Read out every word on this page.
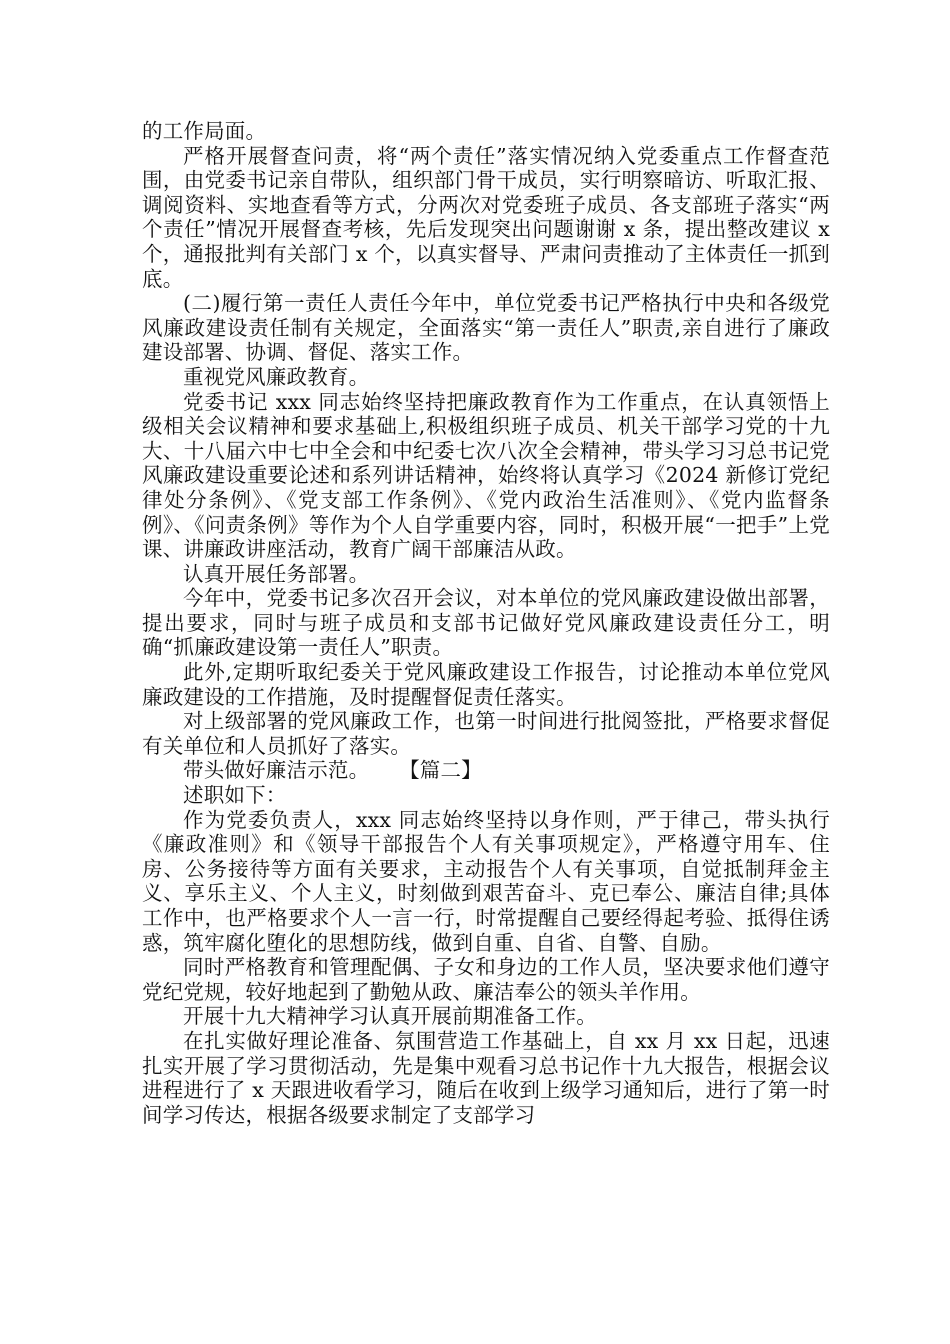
的工作局面。

严格开展督查问责，将“两个责任”落实情况纳入党委重点工作督查范围，由党委书记亲自带队，组织部门骨干成员，实行明察暗访、听取汇报、调阅资料、实地查看等方式，分两次对党委班子成员、各支部班子落实“两个责任”情况开展督查考核，先后发现突出问题谢谢 x 条，提出整改建议 x 个，通报批判有关部门 x 个，以真实督导、严肃问责推动了主体责任一抓到底。

(二)履行第一责任人责任今年中，单位党委书记严格执行中央和各级党风廉政建设责任制有关规定，全面落实“第一责任人”职责,亲自进行了廉政建设部署、协调、督促、落实工作。

重视党风廉政教育。

党委书记 xxx 同志始终坚持把廉政教育作为工作重点，在认真领悟上级相关会议精神和要求基础上,积极组织班子成员、机关干部学习党的十九大、十八届六中七中全会和中纪委七次八次全会精神，带头学习习总书记党风廉政建设重要论述和系列讲话精神，始终将认真学习《2024 新修订党纪律处分条例》、《党支部工作条例》、《党内政治生活准则》、《党内监督条例》、《问责条例》等作为个人自学重要内容，同时，积极开展“一把手”上党课、讲廉政讲座活动，教育广阔干部廉洁从政。

认真开展任务部署。

今年中，党委书记多次召开会议，对本单位的党风廉政建设做出部署，提出要求，同时与班子成员和支部书记做好党风廉政建设责任分工，明确“抓廉政建设第一责任人”职责。

此外,定期听取纪委关于党风廉政建设工作报告，讨论推动本单位党风廉政建设的工作措施，及时提醒督促责任落实。

对上级部署的党风廉政工作，也第一时间进行批阅签批，严格要求督促有关单位和人员抓好了落实。

带头做好廉洁示范。 【篇二】

述职如下：

作为党委负责人，xxx 同志始终坚持以身作则，严于律己，带头执行《廉政准则》和《领导干部报告个人有关事项规定》，严格遵守用车、住房、公务接待等方面有关要求，主动报告个人有关事项，自觉抵制拜金主义、享乐主义、个人主义，时刻做到艰苦奋斗、克已奉公、廉洁自律;具体工作中，也严格要求个人一言一行，时常提醒自己要经得起考验、抵得住诱惑，筑牢腐化堕化的思想防线，做到自重、自省、自警、自励。

同时严格教育和管理配偶、子女和身边的工作人员，坚决要求他们遵守党纪党规，较好地起到了勤勉从政、廉洁奉公的领头羊作用。

开展十九大精神学习认真开展前期准备工作。

在扎实做好理论准备、氛围营造工作基础上，自 xx 月 xx 日起，迅速扎实开展了学习贯彻活动，先是集中观看习总书记作十九大报告，根据会议进程进行了 x 天跟进收看学习，随后在收到上级学习通知后，进行了第一时间学习传达，根据各级要求制定了支部学习
